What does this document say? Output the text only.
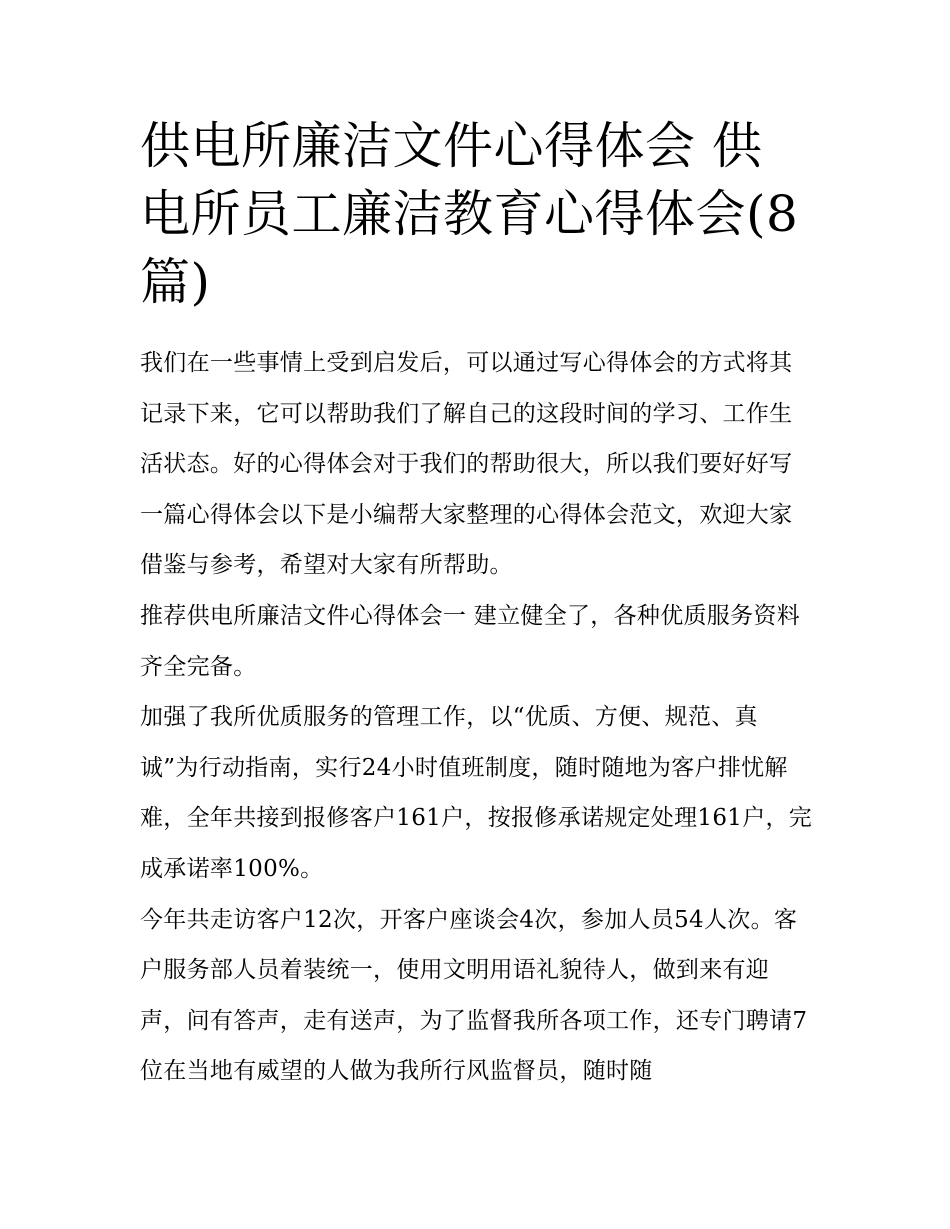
供电所廉洁文件心得体会 供电所员工廉洁教育心得体会(8篇)

我们在一些事情上受到启发后，可以通过写心得体会的方式将其记录下来，它可以帮助我们了解自己的这段时间的学习、工作生活状态。好的心得体会对于我们的帮助很大，所以我们要好好写一篇心得体会以下是小编帮大家整理的心得体会范文，欢迎大家借鉴与参考，希望对大家有所帮助。

推荐供电所廉洁文件心得体会一 建立健全了，各种优质服务资料齐全完备。

加强了我所优质服务的管理工作，以“优质、方便、规范、真诚”为行动指南，实行24小时值班制度，随时随地为客户排忧解难，全年共接到报修客户161户，按报修承诺规定处理161户，完成承诺率100%。

今年共走访客户12次，开客户座谈会4次，参加人员54人次。客户服务部人员着装统一，使用文明用语礼貌待人，做到来有迎声，问有答声，走有送声，为了监督我所各项工作，还专门聘请7位在当地有威望的人做为我所行风监督员，随时随
